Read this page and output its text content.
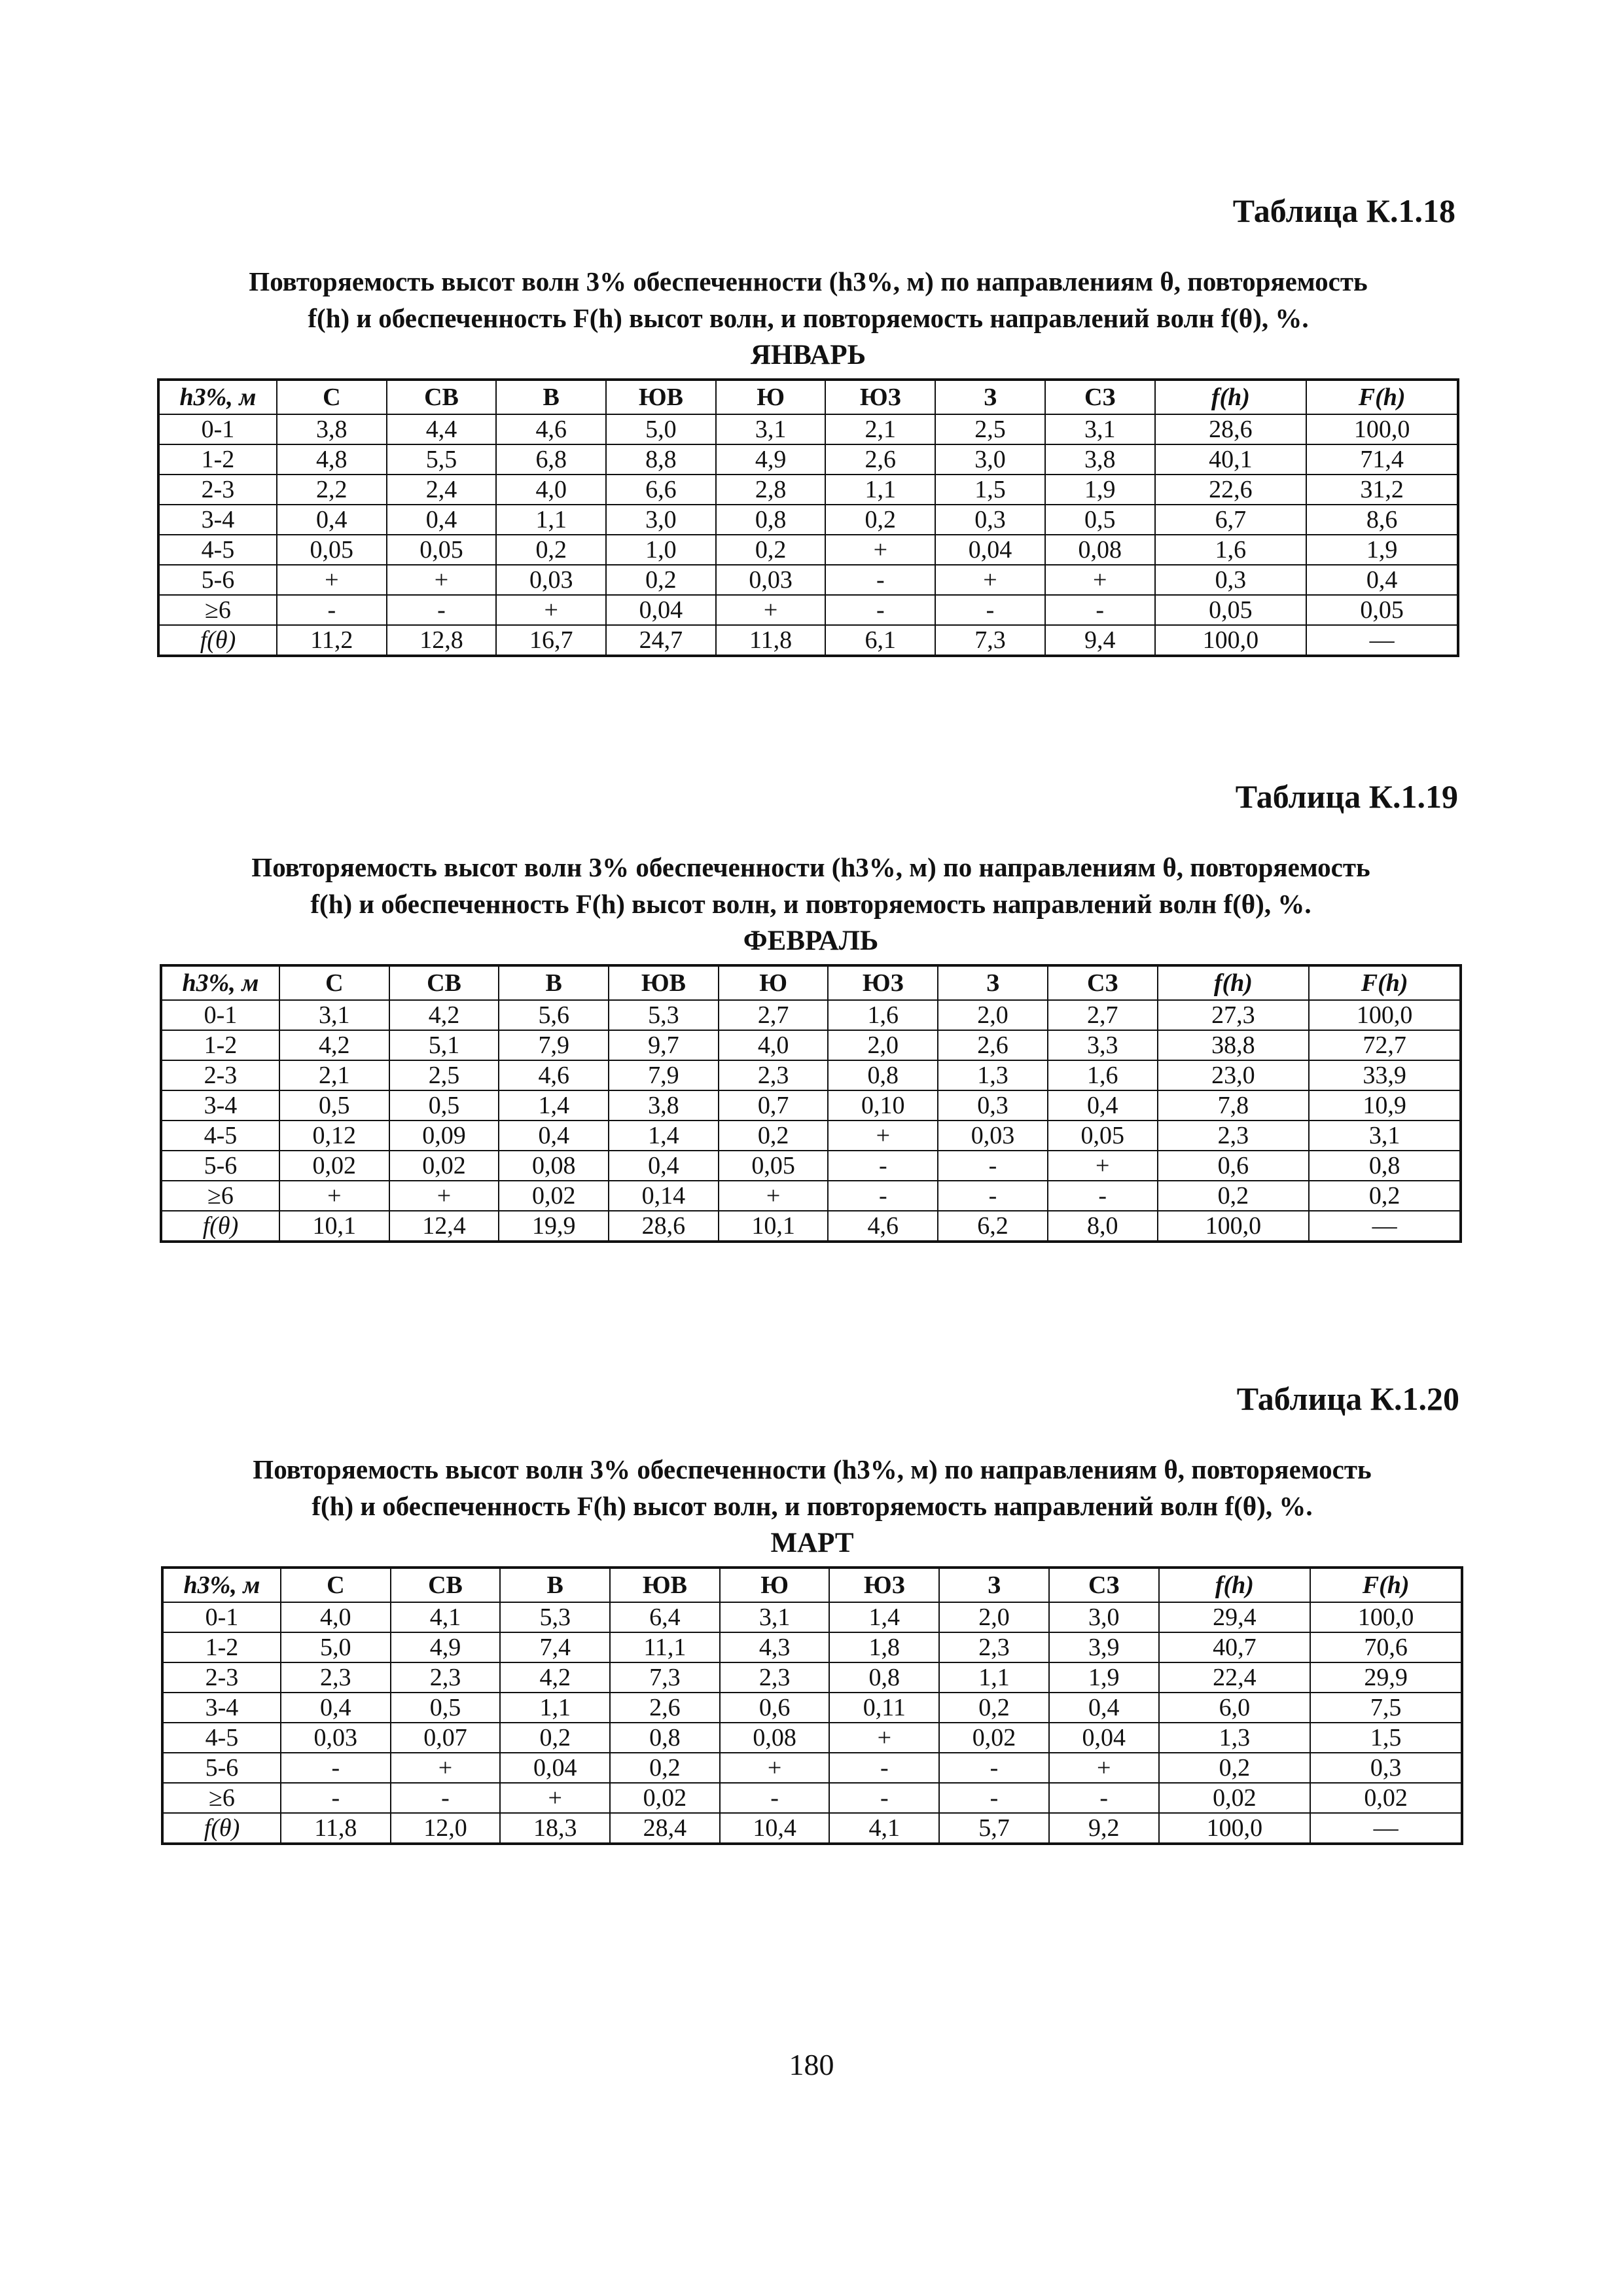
Таблица К.1.18
Повторяемость высот волн 3% обеспеченности (h3%, м) по направлениям θ, повторяемость
f(h) и обеспеченность F(h) высот волн, и повторяемость направлений волн f(θ), %.
ЯНВАРЬ
h3%, м	С	СВ	В	ЮВ	Ю	ЮЗ	З	СЗ	f(h)	F(h)
0-1	3,8	4,4	4,6	5,0	3,1	2,1	2,5	3,1	28,6	100,0
1-2	4,8	5,5	6,8	8,8	4,9	2,6	3,0	3,8	40,1	71,4
2-3	2,2	2,4	4,0	6,6	2,8	1,1	1,5	1,9	22,6	31,2
3-4	0,4	0,4	1,1	3,0	0,8	0,2	0,3	0,5	6,7	8,6
4-5	0,05	0,05	0,2	1,0	0,2	+	0,04	0,08	1,6	1,9
5-6	+	+	0,03	0,2	0,03	-	+	+	0,3	0,4
≥6	-	-	+	0,04	+	-	-	-	0,05	0,05
f(θ)	11,2	12,8	16,7	24,7	11,8	6,1	7,3	9,4	100,0	—
Таблица К.1.19
Повторяемость высот волн 3% обеспеченности (h3%, м) по направлениям θ, повторяемость
f(h) и обеспеченность F(h) высот волн, и повторяемость направлений волн f(θ), %.
ФЕВРАЛЬ
h3%, м	С	СВ	В	ЮВ	Ю	ЮЗ	З	СЗ	f(h)	F(h)
0-1	3,1	4,2	5,6	5,3	2,7	1,6	2,0	2,7	27,3	100,0
1-2	4,2	5,1	7,9	9,7	4,0	2,0	2,6	3,3	38,8	72,7
2-3	2,1	2,5	4,6	7,9	2,3	0,8	1,3	1,6	23,0	33,9
3-4	0,5	0,5	1,4	3,8	0,7	0,10	0,3	0,4	7,8	10,9
4-5	0,12	0,09	0,4	1,4	0,2	+	0,03	0,05	2,3	3,1
5-6	0,02	0,02	0,08	0,4	0,05	-	-	+	0,6	0,8
≥6	+	+	0,02	0,14	+	-	-	-	0,2	0,2
f(θ)	10,1	12,4	19,9	28,6	10,1	4,6	6,2	8,0	100,0	—
Таблица К.1.20
Повторяемость высот волн 3% обеспеченности (h3%, м) по направлениям θ, повторяемость
f(h) и обеспеченность F(h) высот волн, и повторяемость направлений волн f(θ), %.
МАРТ
h3%, м	С	СВ	В	ЮВ	Ю	ЮЗ	З	СЗ	f(h)	F(h)
0-1	4,0	4,1	5,3	6,4	3,1	1,4	2,0	3,0	29,4	100,0
1-2	5,0	4,9	7,4	11,1	4,3	1,8	2,3	3,9	40,7	70,6
2-3	2,3	2,3	4,2	7,3	2,3	0,8	1,1	1,9	22,4	29,9
3-4	0,4	0,5	1,1	2,6	0,6	0,11	0,2	0,4	6,0	7,5
4-5	0,03	0,07	0,2	0,8	0,08	+	0,02	0,04	1,3	1,5
5-6	-	+	0,04	0,2	+	-	-	+	0,2	0,3
≥6	-	-	+	0,02	-	-	-	-	0,02	0,02
f(θ)	11,8	12,0	18,3	28,4	10,4	4,1	5,7	9,2	100,0	—
180
